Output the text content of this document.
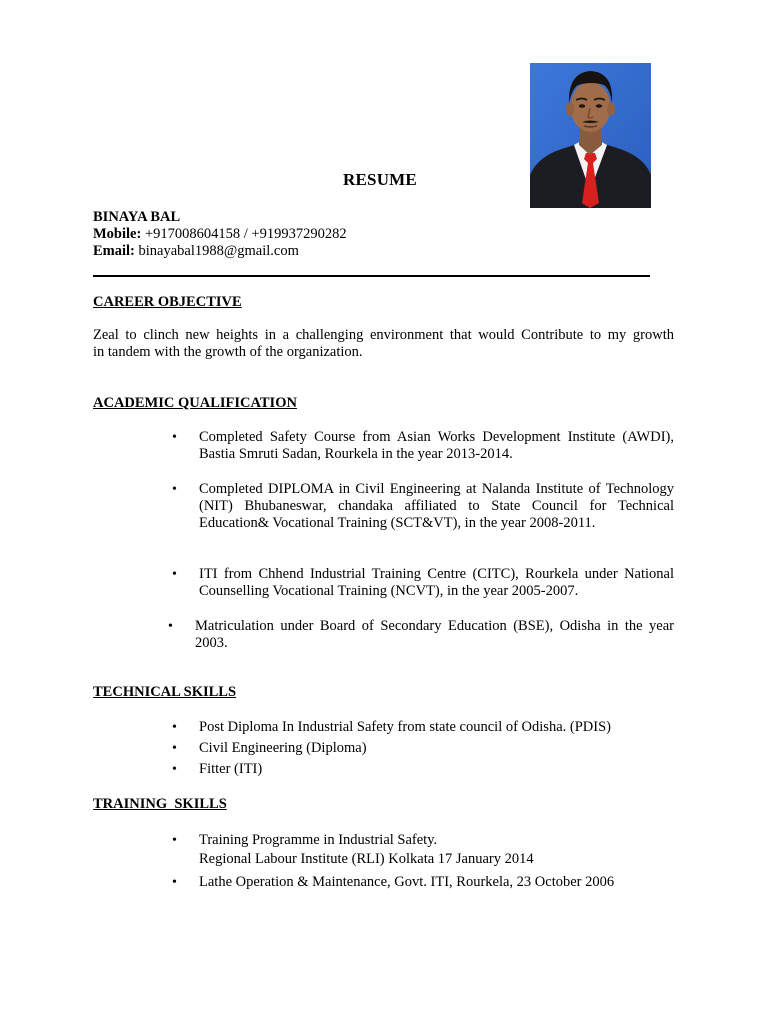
RESUME
BINAYA BAL
Mobile: +917008604158 / +919937290282
Email: binayabal1988@gmail.com
CAREER OBJECTIVE
Zeal to clinch new heights in a challenging environment that would Contribute to my growth
in tandem with the growth of the organization.
ACADEMIC QUALIFICATION
•	Completed Safety Course from Asian Works Development Institute (AWDI), Bastia Smruti Sadan, Rourkela in the year 2013-2014.
•	Completed DIPLOMA in Civil Engineering at Nalanda Institute of Technology (NIT) Bhubaneswar, chandaka affiliated to State Council for Technical Education& Vocational Training (SCT&VT), in the year 2008-2011.
•	ITI from Chhend Industrial Training Centre (CITC), Rourkela under National Counselling Vocational Training (NCVT), in the year 2005-2007.
•	Matriculation under Board of Secondary Education (BSE), Odisha in the year 2003.
TECHNICAL SKILLS
• Post Diploma In Industrial Safety from state council of Odisha. (PDIS)
• Civil Engineering (Diploma)
• Fitter (ITI)
TRAINING  SKILLS
• Training Programme in Industrial Safety.
Regional Labour Institute (RLI) Kolkata 17 January 2014
• Lathe Operation & Maintenance, Govt. ITI, Rourkela, 23 October 2006
